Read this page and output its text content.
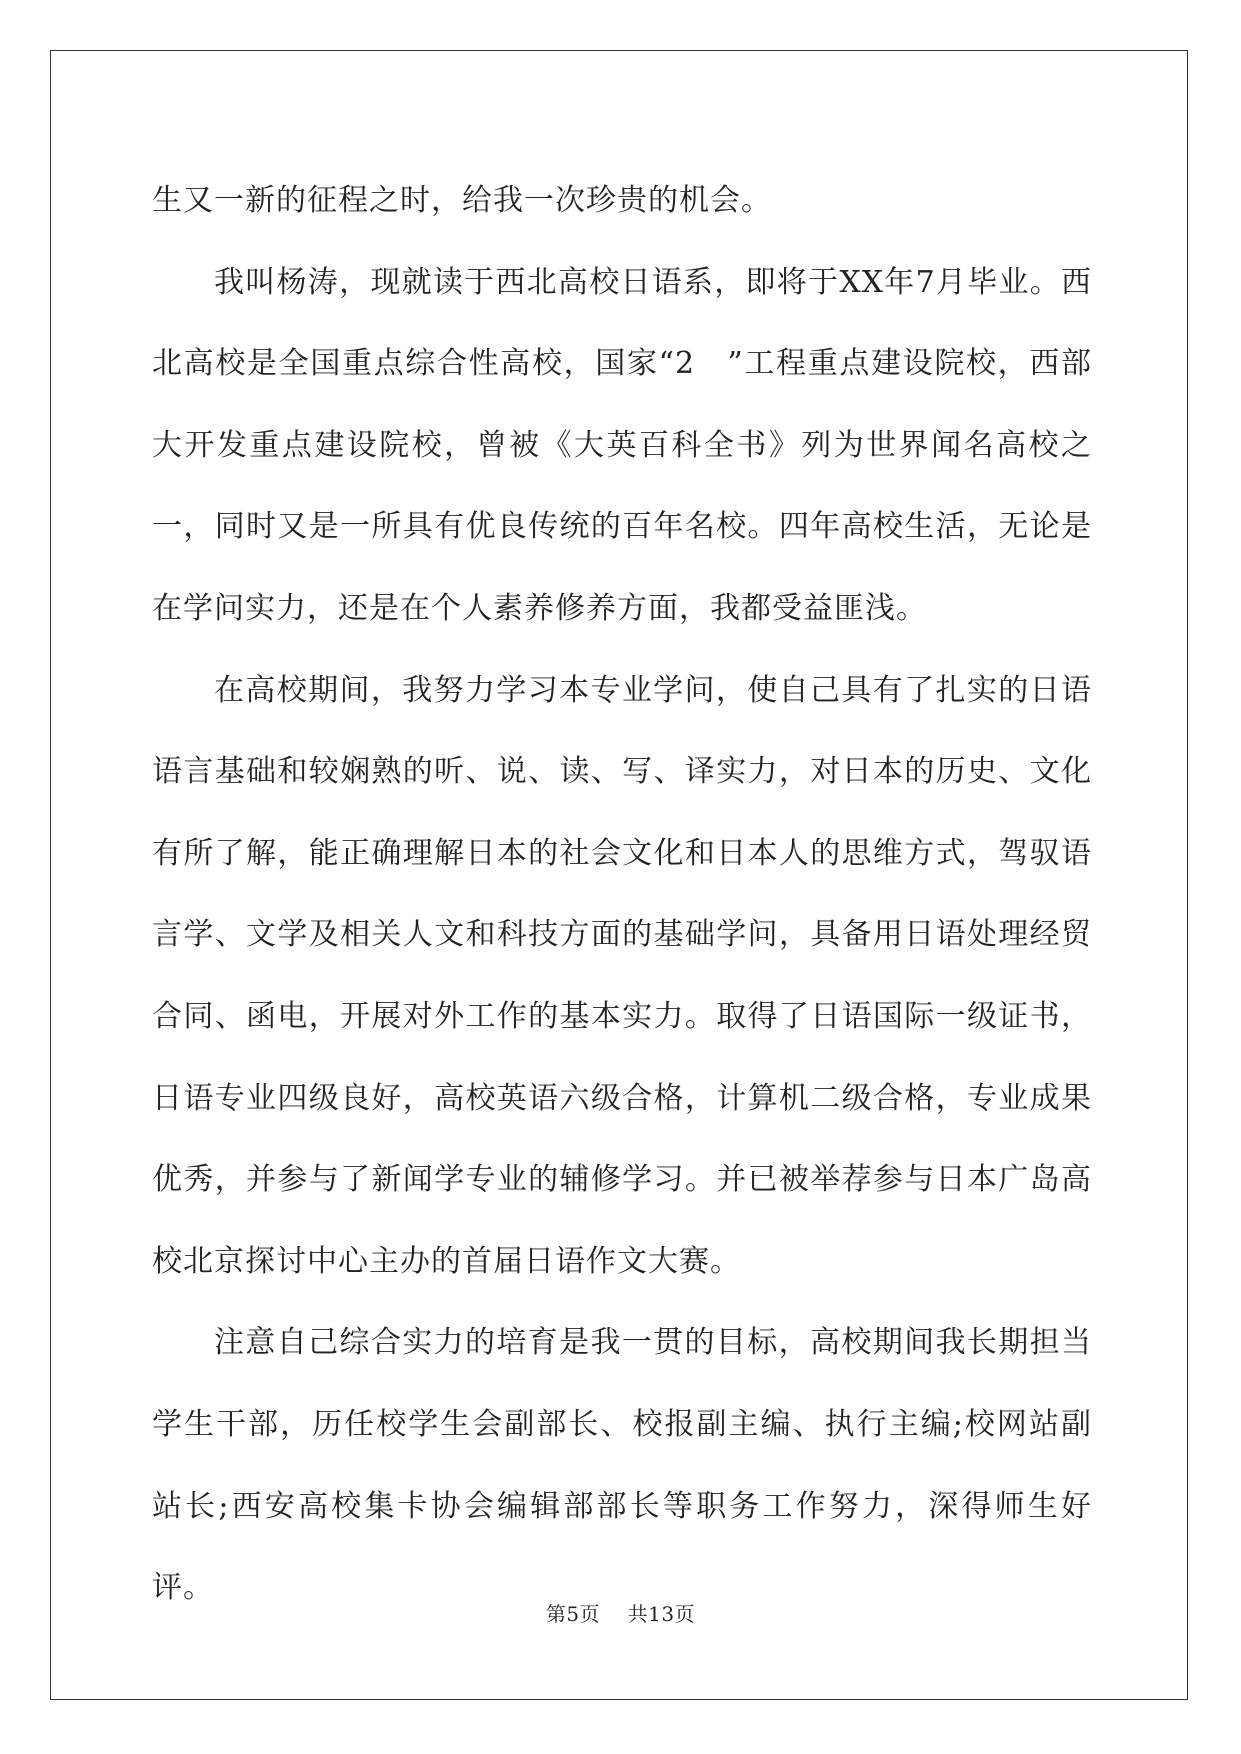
生又一新的征程之时，给我一次珍贵的机会。

我叫杨涛，现就读于西北高校日语系，即将于XX年7月毕业。西北高校是全国重点综合性高校，国家“2　”工程重点建设院校，西部大开发重点建设院校，曾被《大英百科全书》列为世界闻名高校之一，同时又是一所具有优良传统的百年名校。四年高校生活，无论是在学问实力，还是在个人素养修养方面，我都受益匪浅。

在高校期间，我努力学习本专业学问，使自己具有了扎实的日语语言基础和较娴熟的听、说、读、写、译实力，对日本的历史、文化有所了解，能正确理解日本的社会文化和日本人的思维方式，驾驭语言学、文学及相关人文和科技方面的基础学问，具备用日语处理经贸合同、函电，开展对外工作的基本实力。取得了日语国际一级证书，日语专业四级良好，高校英语六级合格，计算机二级合格，专业成果优秀，并参与了新闻学专业的辅修学习。并已被举荐参与日本广岛高校北京探讨中心主办的首届日语作文大赛。

注意自己综合实力的培育是我一贯的目标，高校期间我长期担当学生干部，历任校学生会副部长、校报副主编、执行主编;校网站副站长;西安高校集卡协会编辑部部长等职务工作努力，深得师生好评。

第5页 共13页
